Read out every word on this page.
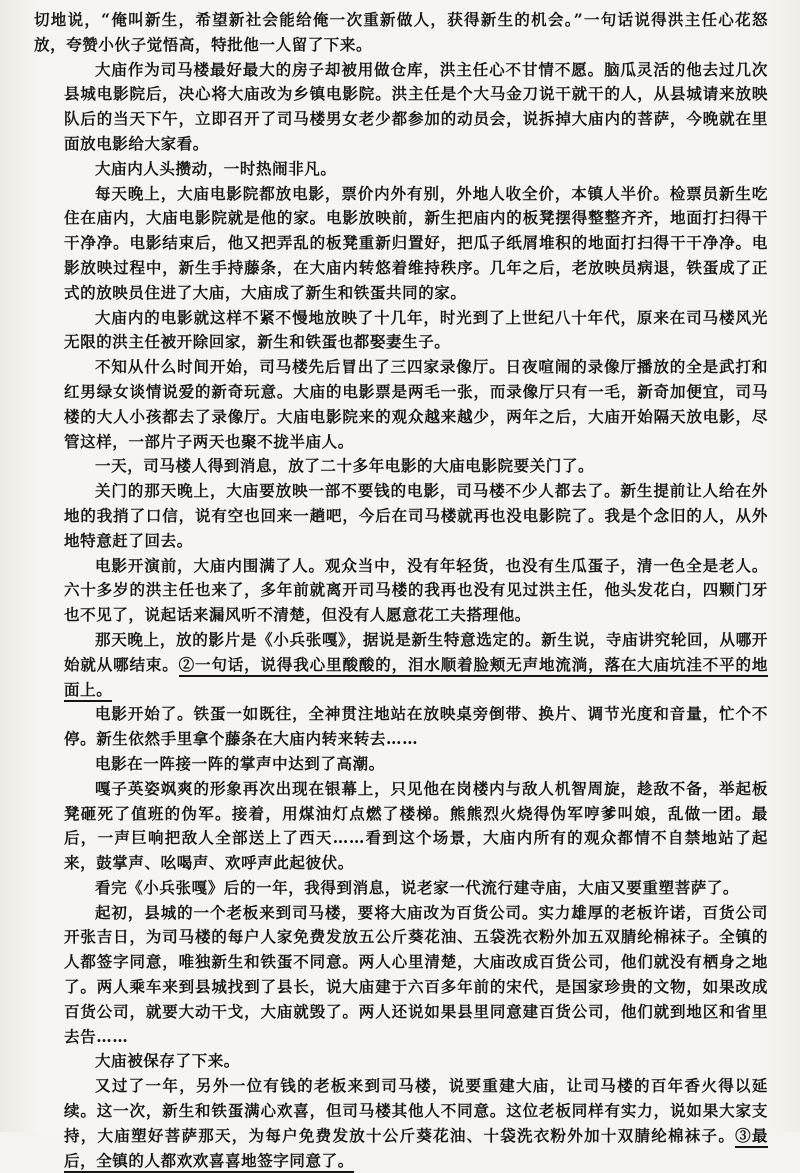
切地说，“俺叫新生，希望新社会能给俺一次重新做人，获得新生的机会。”一句话说得洪主任心花怒放，夸赞小伙子觉悟高，特批他一人留了下来。

大庙作为司马楼最好最大的房子却被用做仓库，洪主任心不甘情不愿。脑瓜灵活的他去过几次县城电影院后，决心将大庙改为乡镇电影院。洪主任是个大马金刀说干就干的人，从县城请来放映队后的当天下午，立即召开了司马楼男女老少都参加的动员会，说拆掉大庙内的菩萨，今晚就在里面放电影给大家看。

大庙内人头攒动，一时热闹非凡。

每天晚上，大庙电影院都放电影，票价内外有别，外地人收全价，本镇人半价。检票员新生吃住在庙内，大庙电影院就是他的家。电影放映前，新生把庙内的板凳摆得整整齐齐，地面打扫得干干净净。电影结束后，他又把弄乱的板凳重新归置好，把瓜子纸屑堆积的地面打扫得干干净净。电影放映过程中，新生手持藤条，在大庙内转悠着维持秩序。几年之后，老放映员病退，铁蛋成了正式的放映员住进了大庙，大庙成了新生和铁蛋共同的家。

大庙内的电影就这样不紧不慢地放映了十几年，时光到了上世纪八十年代，原来在司马楼风光无限的洪主任被开除回家，新生和铁蛋也都娶妻生子。

不知从什么时间开始，司马楼先后冒出了三四家录像厅。日夜喧闹的录像厅播放的全是武打和红男绿女谈情说爱的新奇玩意。大庙的电影票是两毛一张，而录像厅只有一毛，新奇加便宜，司马楼的大人小孩都去了录像厅。大庙电影院来的观众越来越少，两年之后，大庙开始隔天放电影，尽管这样，一部片子两天也聚不拢半庙人。

一天，司马楼人得到消息，放了二十多年电影的大庙电影院要关门了。

关门的那天晚上，大庙要放映一部不要钱的电影，司马楼不少人都去了。新生提前让人给在外地的我捎了口信，说有空也回来一趟吧，今后在司马楼就再也没电影院了。我是个念旧的人，从外地特意赶了回去。

电影开演前，大庙内围满了人。观众当中，没有年轻货，也没有生瓜蛋子，清一色全是老人。六十多岁的洪主任也来了，多年前就离开司马楼的我再也没有见过洪主任，他头发花白，四颗门牙也不见了，说起话来漏风听不清楚，但没有人愿意花工夫搭理他。

那天晚上，放的影片是《小兵张嘎》，据说是新生特意选定的。新生说，寺庙讲究轮回，从哪开始就从哪结束。②一句话，说得我心里酸酸的，泪水顺着脸颊无声地流淌，落在大庙坑洼不平的地面上。

电影开始了。铁蛋一如既往，全神贯注地站在放映桌旁倒带、换片、调节光度和音量，忙个不停。新生依然手里拿个藤条在大庙内转来转去……

电影在一阵接一阵的掌声中达到了高潮。

嘎子英姿飒爽的形象再次出现在银幕上，只见他在岗楼内与敌人机智周旋，趁敌不备，举起板凳砸死了值班的伪军。接着，用煤油灯点燃了楼梯。熊熊烈火烧得伪军哼爹叫娘，乱做一团。最后，一声巨响把敌人全部送上了西天……看到这个场景，大庙内所有的观众都情不自禁地站了起来，鼓掌声、吆喝声、欢呼声此起彼伏。

看完《小兵张嘎》后的一年，我得到消息，说老家一代流行建寺庙，大庙又要重塑菩萨了。

起初，县城的一个老板来到司马楼，要将大庙改为百货公司。实力雄厚的老板许诺，百货公司开张吉日，为司马楼的每户人家免费发放五公斤葵花油、五袋洗衣粉外加五双腈纶棉袜子。全镇的人都签字同意，唯独新生和铁蛋不同意。两人心里清楚，大庙改成百货公司，他们就没有栖身之地了。两人乘车来到县城找到了县长，说大庙建于六百多年前的宋代，是国家珍贵的文物，如果改成百货公司，就要大动干戈，大庙就毁了。两人还说如果县里同意建百货公司，他们就到地区和省里去告……

大庙被保存了下来。

又过了一年，另外一位有钱的老板来到司马楼，说要重建大庙，让司马楼的百年香火得以延续。这一次，新生和铁蛋满心欢喜，但司马楼其他人不同意。这位老板同样有实力，说如果大家支持，大庙塑好菩萨那天，为每户免费发放十公斤葵花油、十袋洗衣粉外加十双腈纶棉袜子。③最后，全镇的人都欢欢喜喜地签字同意了。
